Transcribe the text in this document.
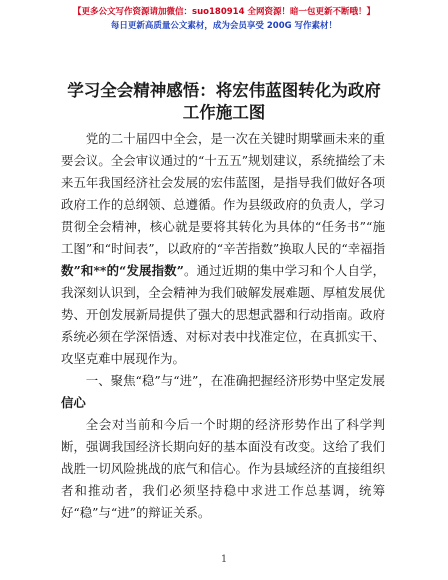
【更多公文写作资源请加微信：suo180914 全网资源！暗一包更新不断哦！】
每日更新高质量公文素材，成为会员享受 200G 写作素材！
学习全会精神感悟：将宏伟蓝图转化为政府工作施工图

党的二十届四中全会，是一次在关键时期擘画未来的重要会议。全会审议通过的“十五五”规划建议，系统描绘了未来五年我国经济社会发展的宏伟蓝图，是指导我们做好各项政府工作的总纲领、总遵循。作为县级政府的负责人，学习贯彻全会精神，核心就是要将其转化为具体的“任务书”“施工图”和“时间表”，以政府的“辛苦指数”换取人民的“幸福指数”和**的“发展指数”。通过近期的集中学习和个人自学，我深刻认识到，全会精神为我们破解发展难题、厚植发展优势、开创发展新局提供了强大的思想武器和行动指南。政府系统必须在学深悟透、对标对表中找准定位，在真抓实干、攻坚克难中展现作为。

一、聚焦“稳”与“进”，在准确把握经济形势中坚定发展信心

全会对当前和今后一个时期的经济形势作出了科学判断，强调我国经济长期向好的基本面没有改变。这给了我们战胜一切风险挑战的底气和信心。作为县域经济的直接组织者和推动者，我们必须坚持稳中求进工作总基调，统筹好“稳”与“进”的辩证关系。

1
